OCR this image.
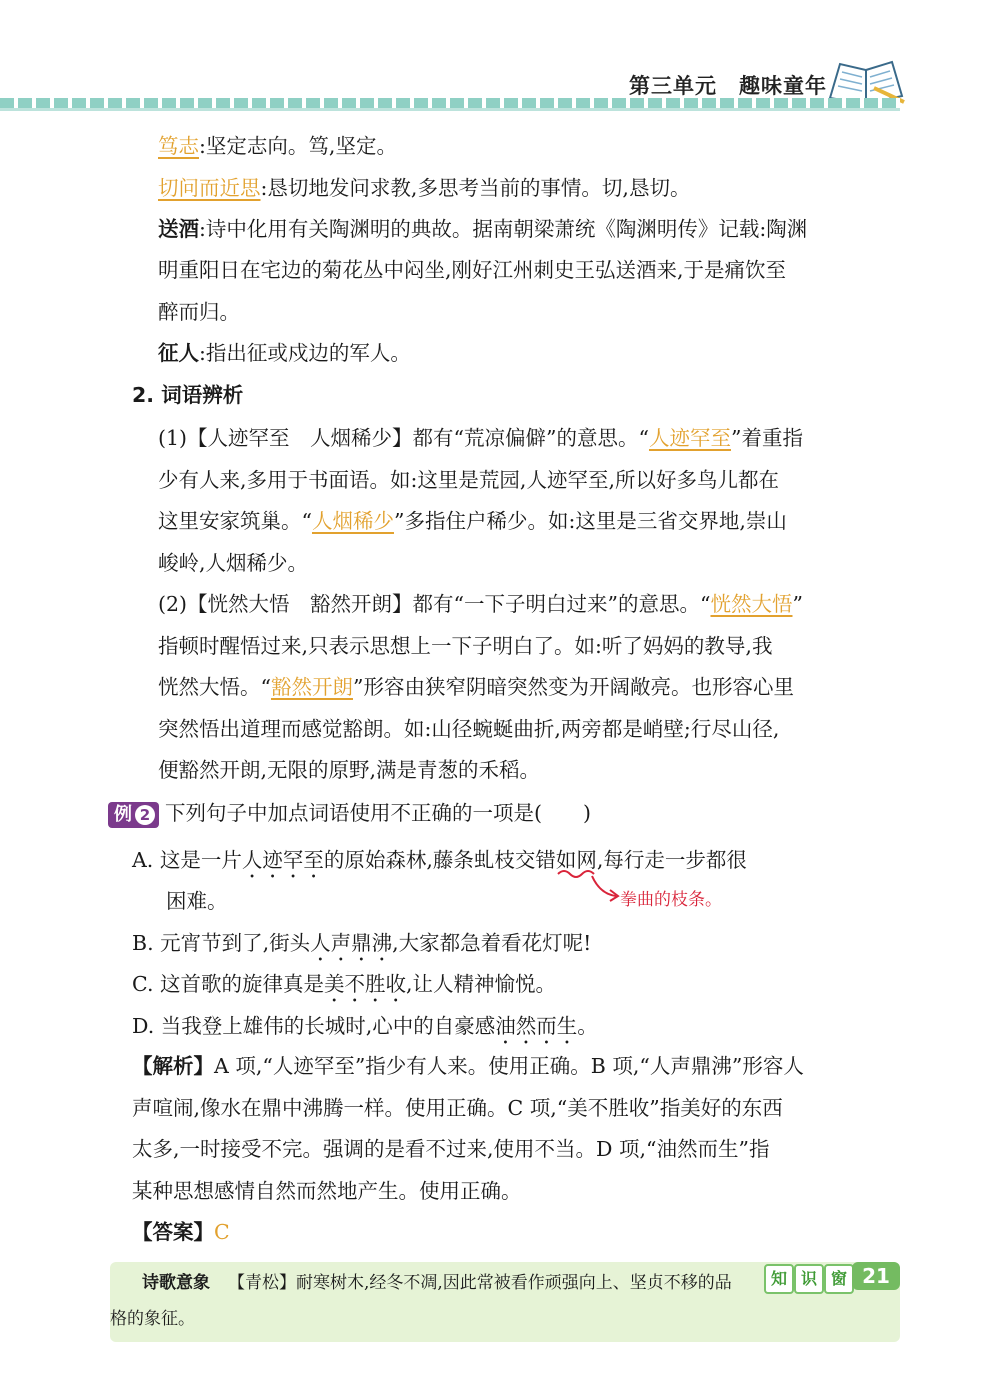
第三单元 趣味童年
笃志:坚定志向。笃,坚定。
切问而近思:恳切地发问求教,多思考当前的事情。切,恳切。
送酒:诗中化用有关陶渊明的典故。据南朝梁萧统《陶渊明传》记载:陶渊
明重阳日在宅边的菊花丛中闷坐,刚好江州刺史王弘送酒来,于是痛饮至
醉而归。
征人:指出征或戍边的军人。
2. 词语辨析
(1)【人迹罕至　人烟稀少】都有“荒凉偏僻”的意思。“人迹罕至”着重指
少有人来,多用于书面语。如:这里是荒园,人迹罕至,所以好多鸟儿都在
这里安家筑巢。“人烟稀少”多指住户稀少。如:这里是三省交界地,崇山
峻岭,人烟稀少。
(2)【恍然大悟　豁然开朗】都有“一下子明白过来”的意思。“恍然大悟”
指顿时醒悟过来,只表示思想上一下子明白了。如:听了妈妈的教导,我
恍然大悟。“豁然开朗”形容由狭窄阴暗突然变为开阔敞亮。也形容心里
突然悟出道理而感觉豁朗。如:山径蜿蜒曲折,两旁都是峭壁;行尽山径,
便豁然开朗,无限的原野,满是青葱的禾稻。
例 2 下列句子中加点词语使用不正确的一项是(　　)
A. 这是一片人迹罕至的原始森林,藤条虬枝交错如网,每行走一步都很
拳曲的枝条。
困难。
B. 元宵节到了,街头人声鼎沸,大家都急着看花灯呢!
C. 这首歌的旋律真是美不胜收,让人精神愉悦。
D. 当我登上雄伟的长城时,心中的自豪感油然而生。
【解析】A 项,“人迹罕至”指少有人来。使用正确。B 项,“人声鼎沸”形容人
声喧闹,像水在鼎中沸腾一样。使用正确。C 项,“美不胜收”指美好的东西
太多,一时接受不完。强调的是看不过来,使用不当。D 项,“油然而生”指
某种思想感情自然而然地产生。使用正确。
【答案】C
诗歌意象 【青松】耐寒树木,经冬不凋,因此常被看作顽强向上、坚贞不移的品
格的象征。
知 识 窗 21
